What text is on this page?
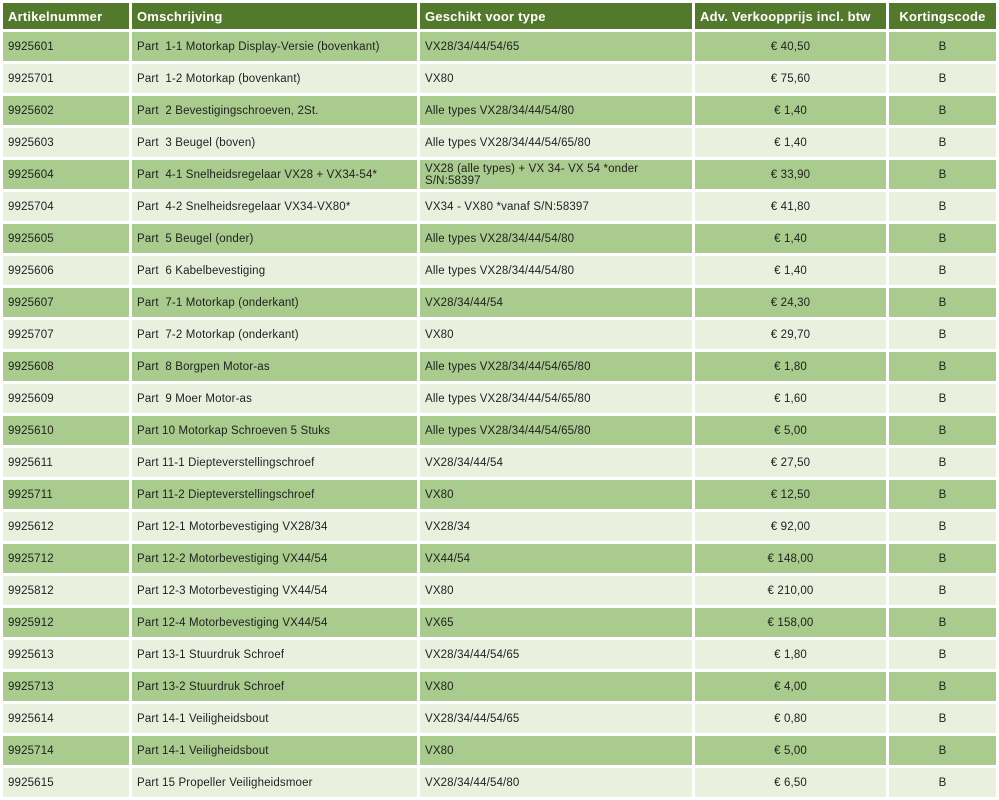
Artikelnummer	Omschrijving	Geschikt voor type	Adv. Verkoopprijs incl. btw	Kortingscode
9925601	Part  1-1 Motorkap Display-Versie (bovenkant)	VX28/34/44/54/65	€ 40,50	B
9925701	Part  1-2 Motorkap (bovenkant)	VX80	€ 75,60	B
9925602	Part  2 Bevestigingschroeven, 2St.	Alle types VX28/34/44/54/80	€ 1,40	B
9925603	Part  3 Beugel (boven)	Alle types VX28/34/44/54/65/80	€ 1,40	B
9925604	Part  4-1 Snelheidsregelaar VX28 + VX34-54*	VX28 (alle types) + VX 34- VX 54 *onder S/N:58397	€ 33,90	B
9925704	Part  4-2 Snelheidsregelaar VX34-VX80*	VX34 - VX80 *vanaf S/N:58397	€ 41,80	B
9925605	Part  5 Beugel (onder)	Alle types VX28/34/44/54/80	€ 1,40	B
9925606	Part  6 Kabelbevestiging	Alle types VX28/34/44/54/80	€ 1,40	B
9925607	Part  7-1 Motorkap (onderkant)	VX28/34/44/54	€ 24,30	B
9925707	Part  7-2 Motorkap (onderkant)	VX80	€ 29,70	B
9925608	Part  8 Borgpen Motor-as	Alle types VX28/34/44/54/65/80	€ 1,80	B
9925609	Part  9 Moer Motor-as	Alle types VX28/34/44/54/65/80	€ 1,60	B
9925610	Part 10 Motorkap Schroeven 5 Stuks	Alle types VX28/34/44/54/65/80	€ 5,00	B
9925611	Part 11-1 Diepteverstellingschroef	VX28/34/44/54	€ 27,50	B
9925711	Part 11-2 Diepteverstellingschroef	VX80	€ 12,50	B
9925612	Part 12-1 Motorbevestiging VX28/34	VX28/34	€ 92,00	B
9925712	Part 12-2 Motorbevestiging VX44/54	VX44/54	€ 148,00	B
9925812	Part 12-3 Motorbevestiging VX44/54	VX80	€ 210,00	B
9925912	Part 12-4 Motorbevestiging VX44/54	VX65	€ 158,00	B
9925613	Part 13-1 Stuurdruk Schroef	VX28/34/44/54/65	€ 1,80	B
9925713	Part 13-2 Stuurdruk Schroef	VX80	€ 4,00	B
9925614	Part 14-1 Veiligheidsbout	VX28/34/44/54/65	€ 0,80	B
9925714	Part 14-1 Veiligheidsbout	VX80	€ 5,00	B
9925615	Part 15 Propeller Veiligheidsmoer	VX28/34/44/54/80	€ 6,50	B
